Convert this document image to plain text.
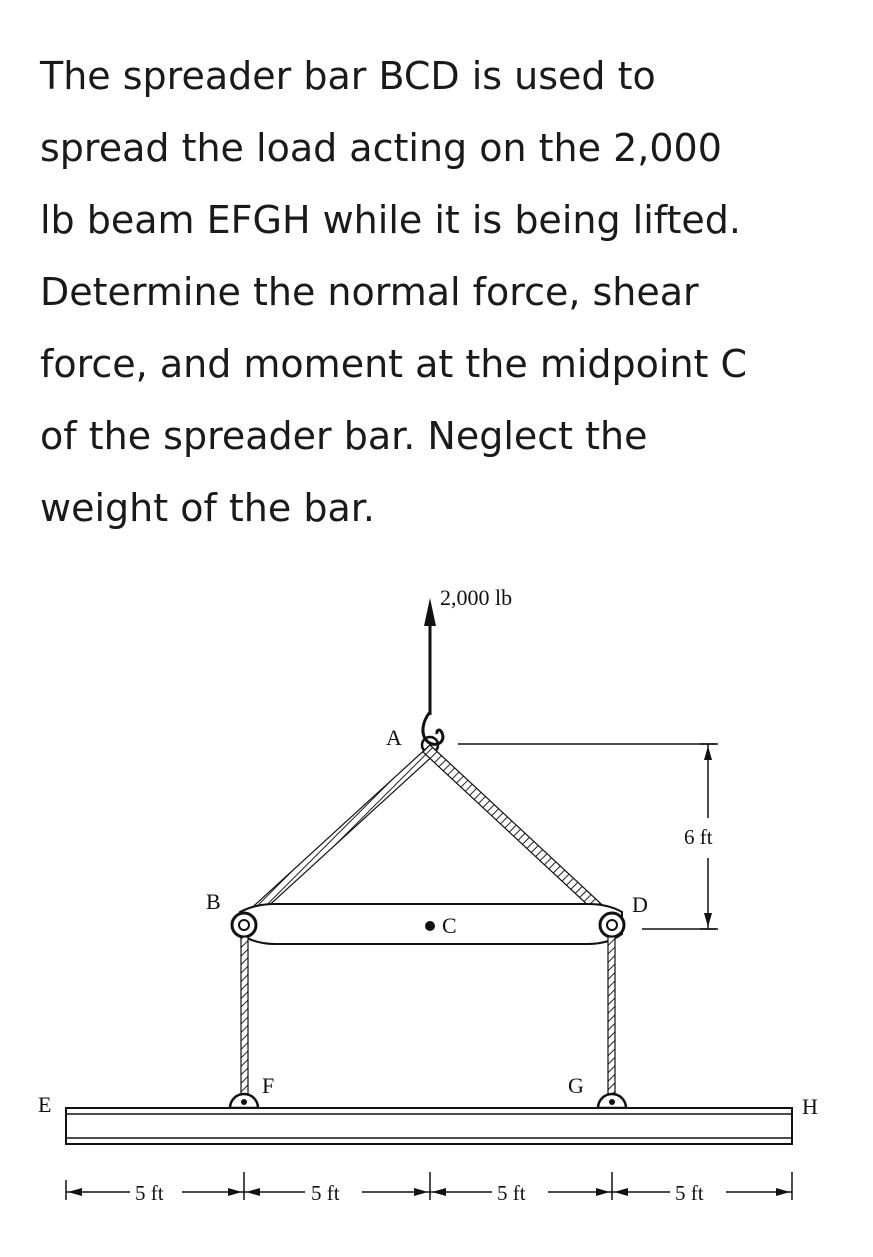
The spreader bar BCD is used to
spread the load acting on the 2,000
lb beam EFGH while it is being lifted.
Determine the normal force, shear
force, and moment at the midpoint C
of the spreader bar. Neglect the
weight of the bar.
2,000 lb
A
B	D
C
6 ft
F	G
E	H
5 ft	5 ft	5 ft	5 ft
